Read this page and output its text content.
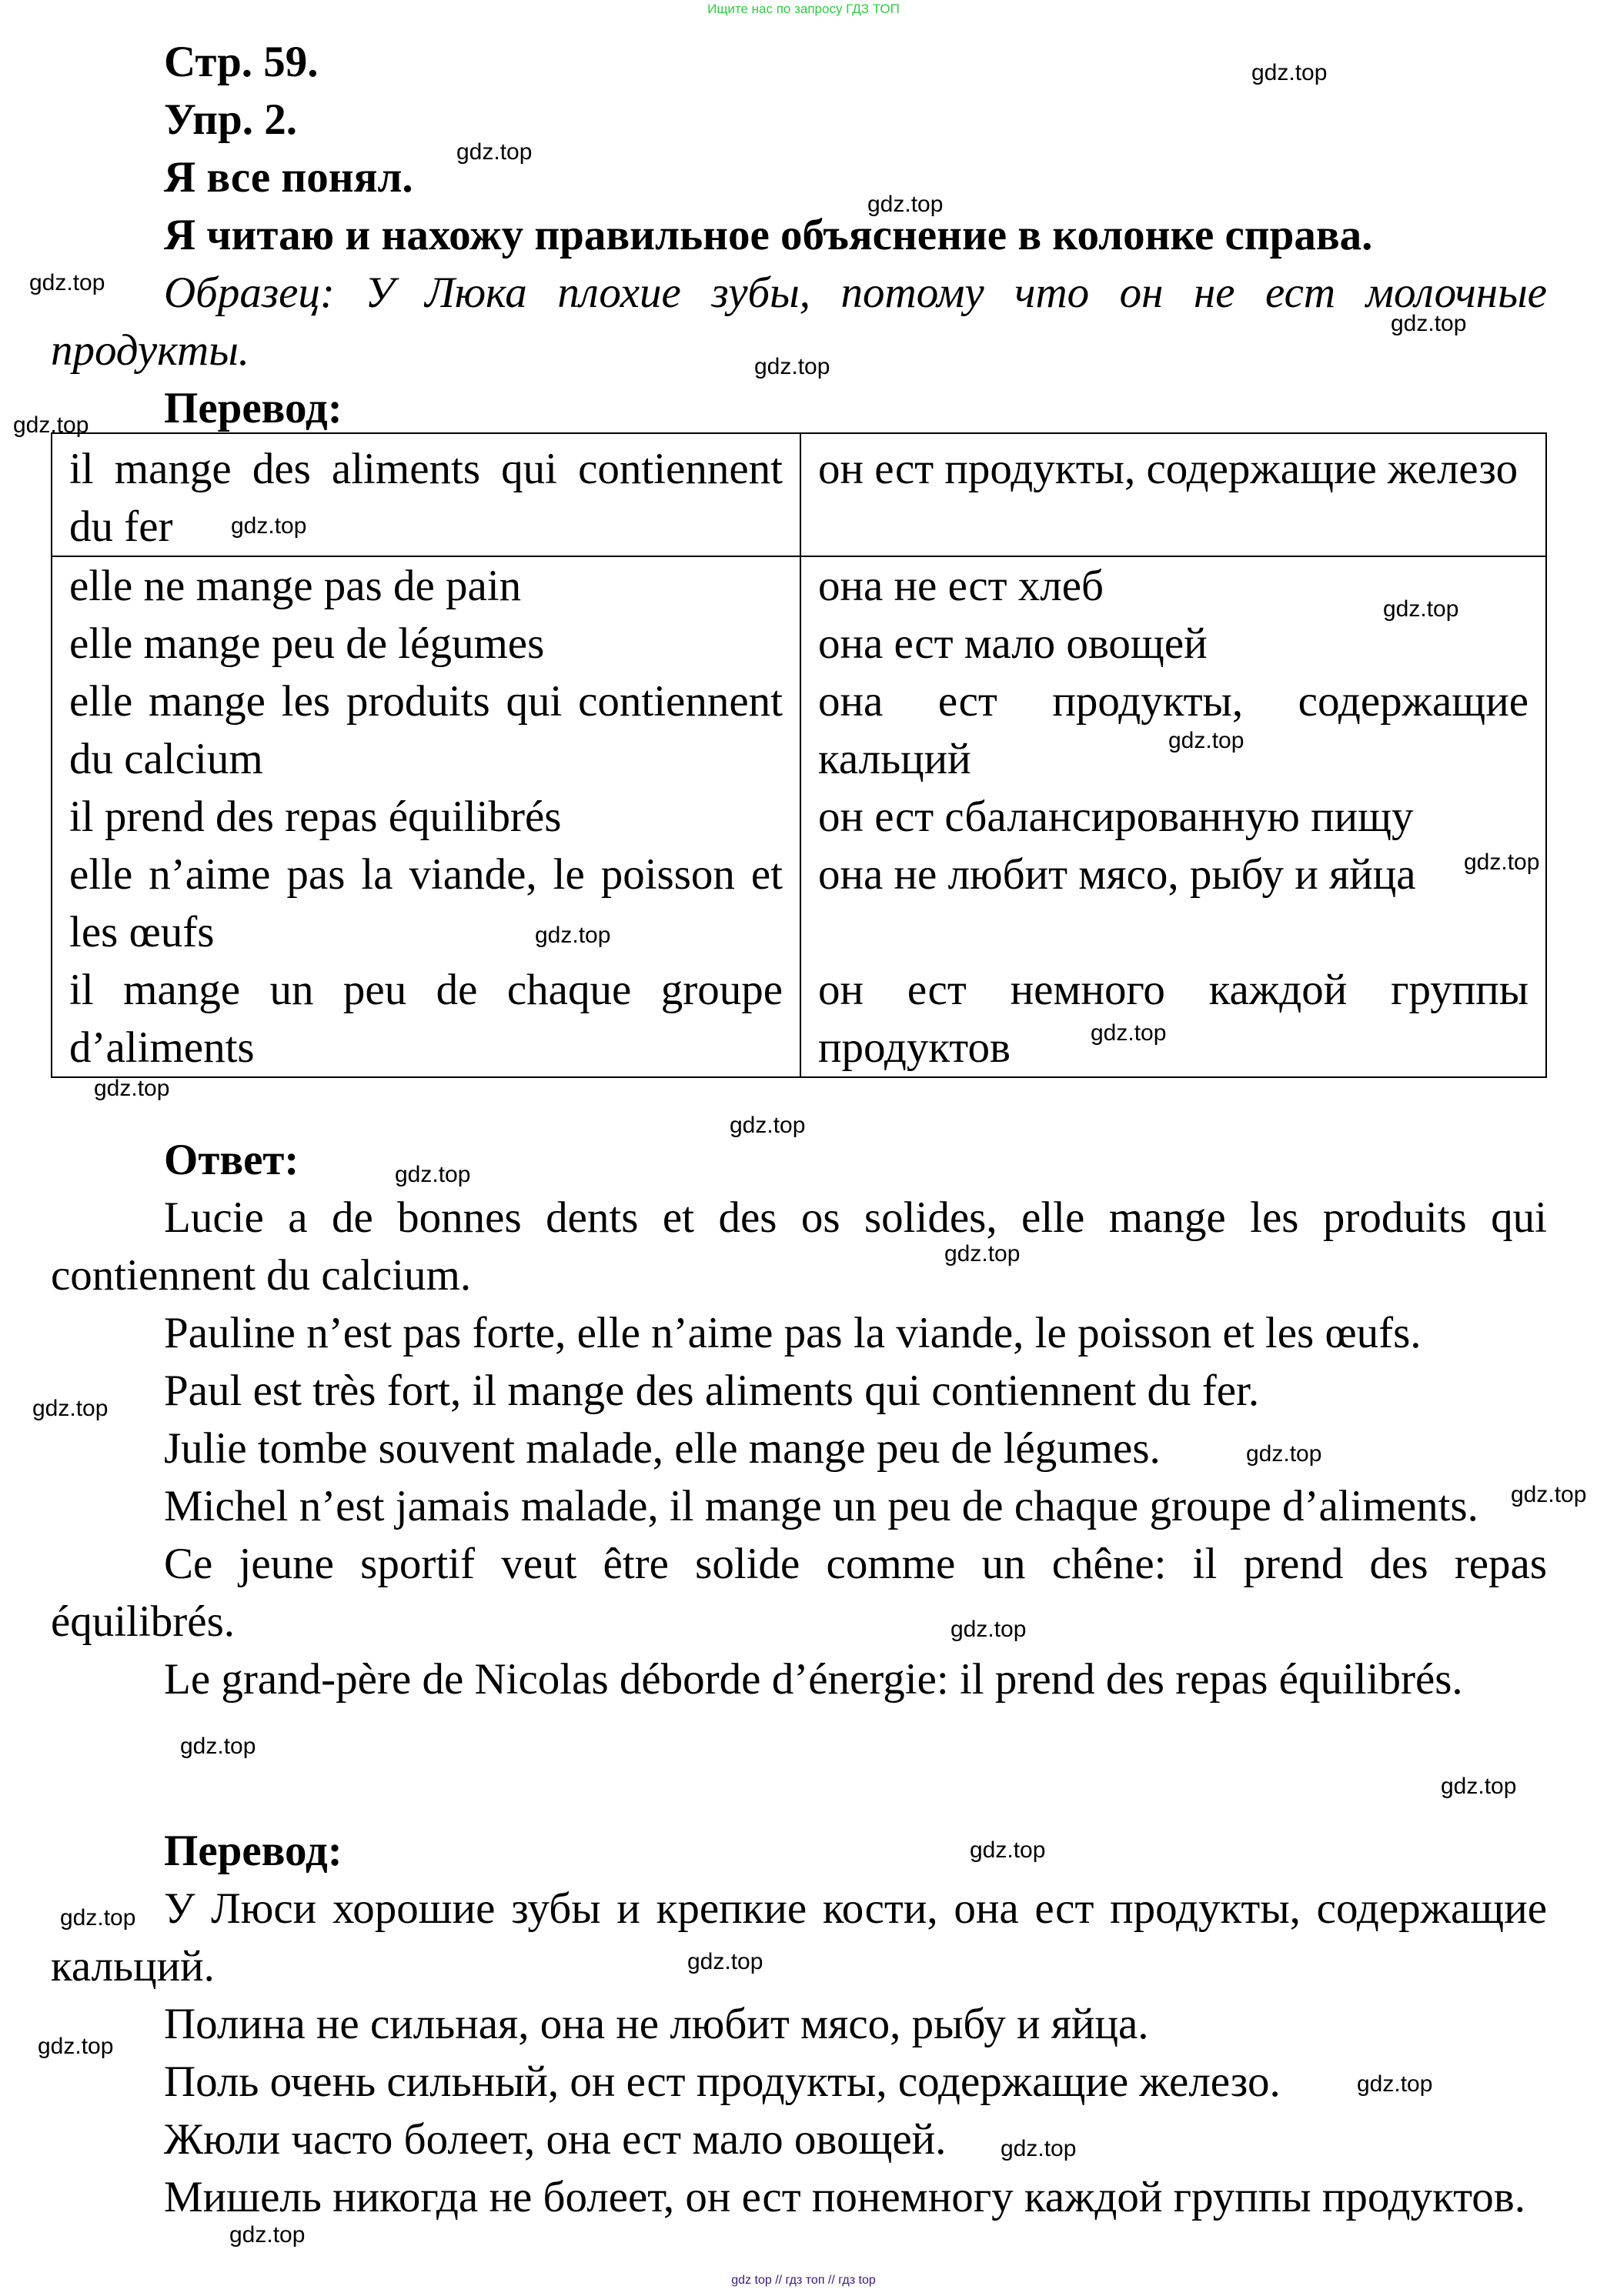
Ищите нас по запросу ГДЗ ТОП

Стр. 59.

Упр. 2.

Я все понял.

Я читаю и нахожу правильное объяснение в колонке справа.

Образец: У Люка плохие зубы, потому что он не ест молочные продукты.

Перевод:

il mange des aliments qui contiennent du fer	он ест продукты, содержащие железо
elle ne mange pas de pain	она не ест хлеб
elle mange peu de légumes	она ест мало овощей
elle mange les produits qui contiennent du calcium	она ест продукты, содержащие кальций
il prend des repas équilibrés	он ест сбалансированную пищу
elle n’aime pas la viande, le poisson et les œufs	она не любит мясо, рыбу и яйца
il mange un peu de chaque groupe d’aliments	он ест немного каждой группы продуктов

Ответ:

Lucie a de bonnes dents et des os solides, elle mange les produits qui contiennent du calcium.

Pauline n’est pas forte, elle n’aime pas la viande, le poisson et les œufs.

Paul est très fort, il mange des aliments qui contiennent du fer.

Julie tombe souvent malade, elle mange peu de légumes.

Michel n’est jamais malade, il mange un peu de chaque groupe d’aliments.

Ce jeune sportif veut être solide comme un chêne: il prend des repas équilibrés.

Le grand-père de Nicolas déborde d’énergie: il prend des repas équilibrés.

Перевод:

У Люси хорошие зубы и крепкие кости, она ест продукты, содержащие кальций.

Полина не сильная, она не любит мясо, рыбу и яйца.

Поль очень сильный, он ест продукты, содержащие железо.

Жюли часто болеет, она ест мало овощей.

Мишель никогда не болеет, он ест понемногу каждой группы продуктов.

gdz.top
gdz.top
gdz.top
gdz.top
gdz.top
gdz.top
gdz.top
gdz.top
gdz.top
gdz.top
gdz.top
gdz.top
gdz.top
gdz.top
gdz.top
gdz.top
gdz.top
gdz.top
gdz.top
gdz.top
gdz.top
gdz.top
gdz.top
gdz.top
gdz.top
gdz.top
gdz.top
gdz.top
gdz.top
gdz.top
gdz top // гдз топ // гдз top
